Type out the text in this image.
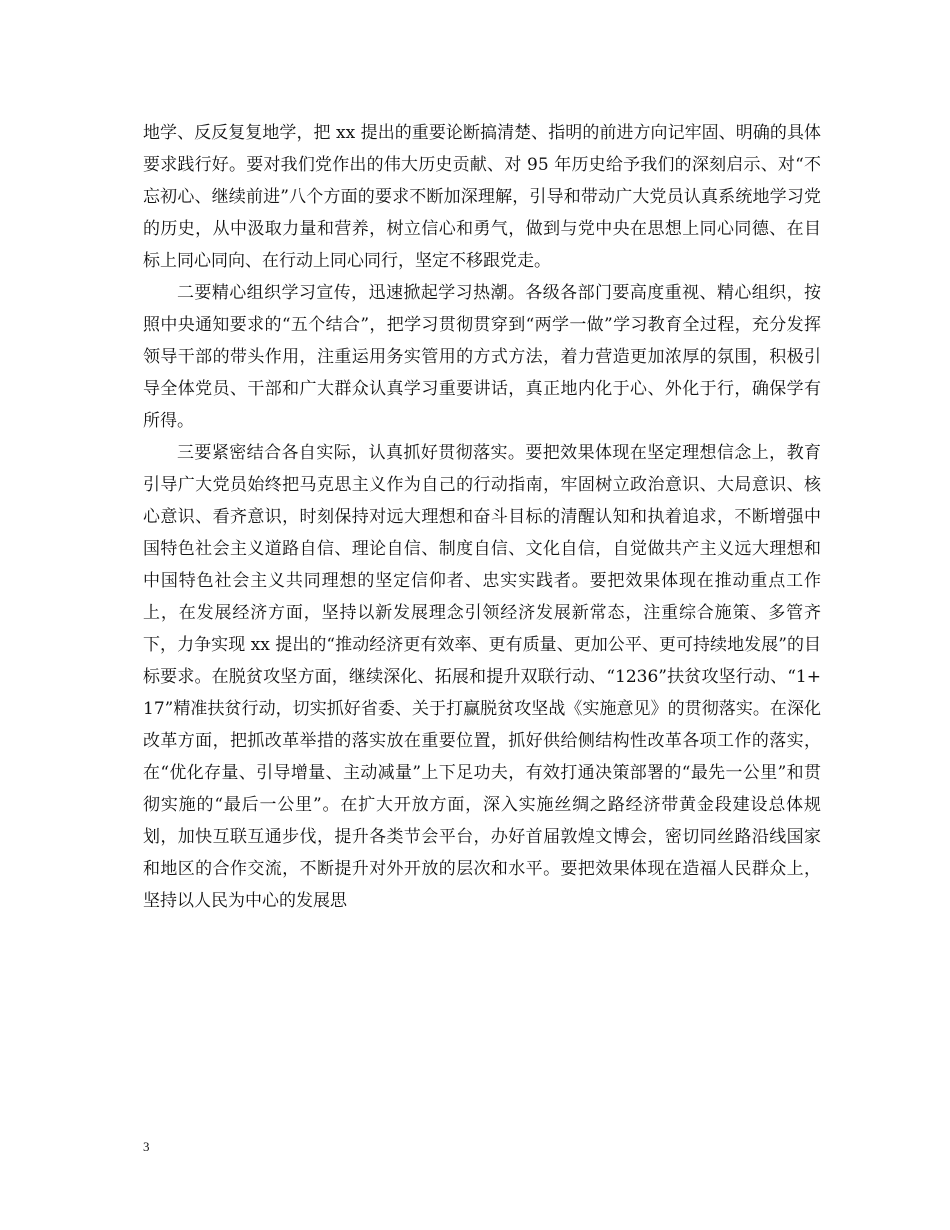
地学、反反复复地学，把 xx 提出的重要论断搞清楚、指明的前进方向记牢固、明确的具体要求践行好。要对我们党作出的伟大历史贡献、对 95 年历史给予我们的深刻启示、对“不忘初心、继续前进”八个方面的要求不断加深理解，引导和带动广大党员认真系统地学习党的历史，从中汲取力量和营养，树立信心和勇气，做到与党中央在思想上同心同德、在目标上同心同向、在行动上同心同行，坚定不移跟党走。

二要精心组织学习宣传，迅速掀起学习热潮。各级各部门要高度重视、精心组织，按照中央通知要求的“五个结合”，把学习贯彻贯穿到“两学一做”学习教育全过程，充分发挥领导干部的带头作用，注重运用务实管用的方式方法，着力营造更加浓厚的氛围，积极引导全体党员、干部和广大群众认真学习重要讲话，真正地内化于心、外化于行，确保学有所得。

三要紧密结合各自实际，认真抓好贯彻落实。要把效果体现在坚定理想信念上，教育引导广大党员始终把马克思主义作为自己的行动指南，牢固树立政治意识、大局意识、核心意识、看齐意识，时刻保持对远大理想和奋斗目标的清醒认知和执着追求，不断增强中国特色社会主义道路自信、理论自信、制度自信、文化自信，自觉做共产主义远大理想和中国特色社会主义共同理想的坚定信仰者、忠实实践者。要把效果体现在推动重点工作上，在发展经济方面，坚持以新发展理念引领经济发展新常态，注重综合施策、多管齐下，力争实现 xx 提出的“推动经济更有效率、更有质量、更加公平、更可持续地发展”的目标要求。在脱贫攻坚方面，继续深化、拓展和提升双联行动、“1236”扶贫攻坚行动、“1+17”精准扶贫行动，切实抓好省委、关于打赢脱贫攻坚战《实施意见》的贯彻落实。在深化改革方面，把抓改革举措的落实放在重要位置，抓好供给侧结构性改革各项工作的落实，在“优化存量、引导增量、主动减量”上下足功夫，有效打通决策部署的“最先一公里”和贯彻实施的“最后一公里”。在扩大开放方面，深入实施丝绸之路经济带黄金段建设总体规划，加快互联互通步伐，提升各类节会平台，办好首届敦煌文博会，密切同丝路沿线国家和地区的合作交流，不断提升对外开放的层次和水平。要把效果体现在造福人民群众上，坚持以人民为中心的发展思

3
